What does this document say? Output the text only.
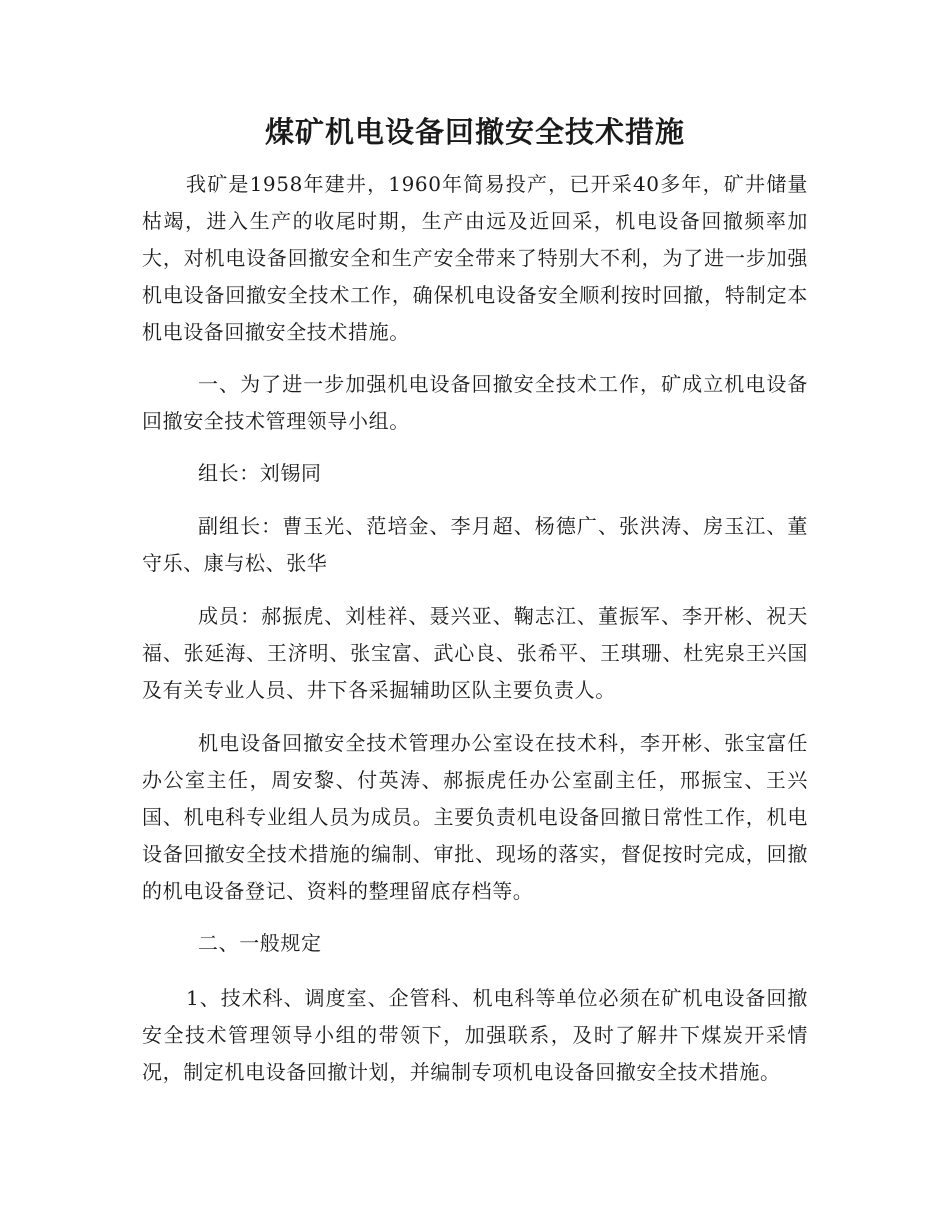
煤矿机电设备回撤安全技术措施

我矿是1958年建井，1960年简易投产，已开采40多年，矿井储量枯竭，进入生产的收尾时期，生产由远及近回采，机电设备回撤频率加大，对机电设备回撤安全和生产安全带来了特别大不利，为了进一步加强机电设备回撤安全技术工作，确保机电设备安全顺利按时回撤，特制定本机电设备回撤安全技术措施。

一、为了进一步加强机电设备回撤安全技术工作，矿成立机电设备回撤安全技术管理领导小组。

组长：刘锡同

副组长：曹玉光、范培金、李月超、杨德广、张洪涛、房玉江、董守乐、康与松、张华

成员：郝振虎、刘桂祥、聂兴亚、鞠志江、董振军、李开彬、祝天福、张延海、王济明、张宝富、武心良、张希平、王琪珊、杜宪泉王兴国及有关专业人员、井下各采掘辅助区队主要负责人。

机电设备回撤安全技术管理办公室设在技术科，李开彬、张宝富任办公室主任，周安黎、付英涛、郝振虎任办公室副主任，邢振宝、王兴国、机电科专业组人员为成员。主要负责机电设备回撤日常性工作，机电设备回撤安全技术措施的编制、审批、现场的落实，督促按时完成，回撤的机电设备登记、资料的整理留底存档等。

二、一般规定

1、技术科、调度室、企管科、机电科等单位必须在矿机电设备回撤安全技术管理领导小组的带领下，加强联系，及时了解井下煤炭开采情况，制定机电设备回撤计划，并编制专项机电设备回撤安全技术措施。
